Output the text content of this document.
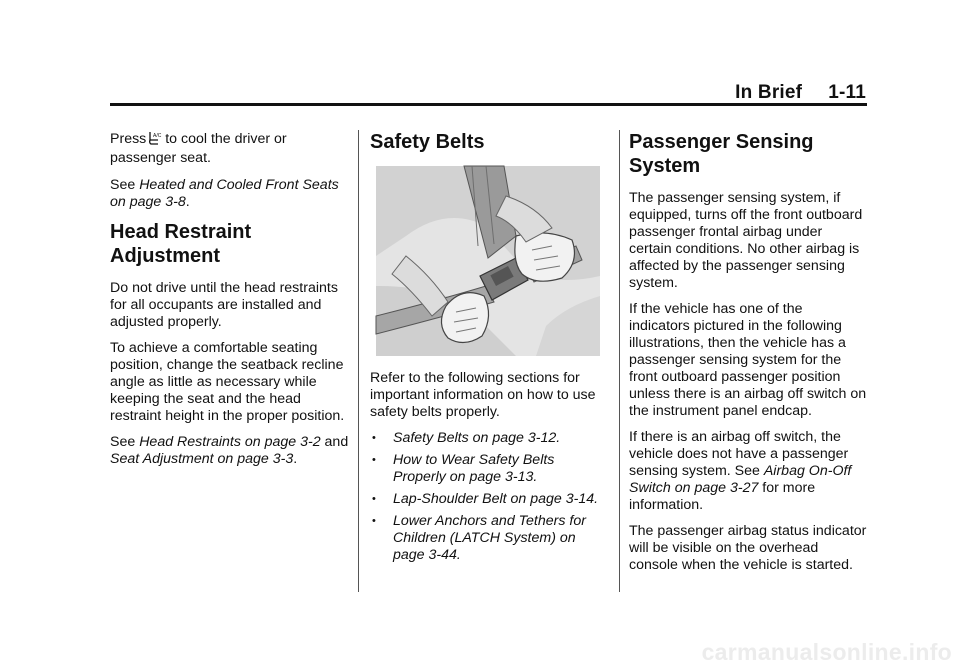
In Brief 1-11

Press A/C to cool the driver or passenger seat.

See Heated and Cooled Front Seats on page 3-8.

Head Restraint Adjustment

Do not drive until the head restraints for all occupants are installed and adjusted properly.

To achieve a comfortable seating position, change the seatback recline angle as little as necessary while keeping the seat and the head restraint height in the proper position.

See Head Restraints on page 3-2 and Seat Adjustment on page 3-3.

Safety Belts

Refer to the following sections for important information on how to use safety belts properly.

• Safety Belts on page 3-12.
• How to Wear Safety Belts Properly on page 3-13.
• Lap-Shoulder Belt on page 3-14.
• Lower Anchors and Tethers for Children (LATCH System) on page 3-44.
Passenger Sensing System

The passenger sensing system, if equipped, turns off the front outboard passenger frontal airbag under certain conditions. No other airbag is affected by the passenger sensing system.

If the vehicle has one of the indicators pictured in the following illustrations, then the vehicle has a passenger sensing system for the front outboard passenger position unless there is an airbag off switch on the instrument panel endcap.

If there is an airbag off switch, the vehicle does not have a passenger sensing system. See Airbag On-Off Switch on page 3-27 for more information.

The passenger airbag status indicator will be visible on the overhead console when the vehicle is started.

carmanualsonline.info
